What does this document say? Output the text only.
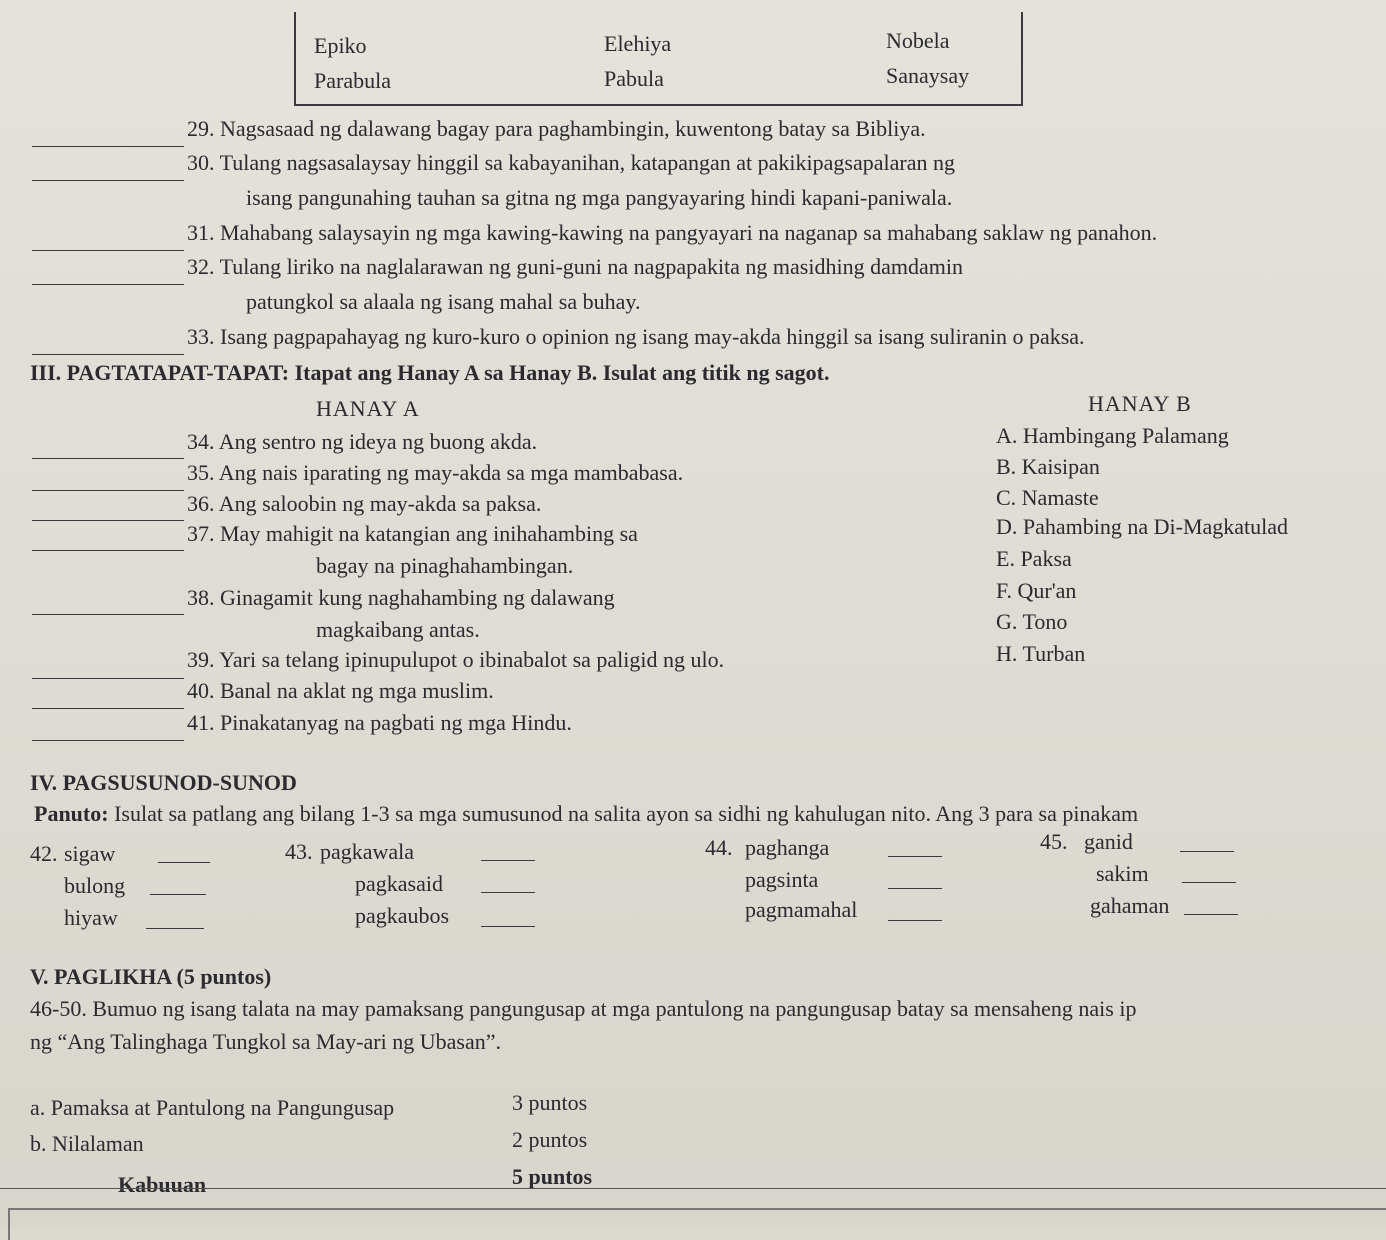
Epiko	Elehiya	Nobela
Parabula	Pabula	Sanaysay
29. Nagsasaad ng dalawang bagay para paghambingin, kuwentong batay sa Bibliya.
30. Tulang nagsasalaysay hinggil sa kabayanihan, katapangan at pakikipagsapalaran ng
isang pangunahing tauhan sa gitna ng mga pangyayaring hindi kapani-paniwala.
31. Mahabang salaysayin ng mga kawing-kawing na pangyayari na naganap sa mahabang saklaw ng panahon.
32. Tulang liriko na naglalarawan ng guni-guni na nagpapakita ng masidhing damdamin
patungkol sa alaala ng isang mahal sa buhay.
33. Isang pagpapahayag ng kuro-kuro o opinion ng isang may-akda hinggil sa isang suliranin o paksa.
III. PAGTATAPAT-TAPAT: Itapat ang Hanay A sa Hanay B. Isulat ang titik ng sagot.
HANAY A	HANAY B
34. Ang sentro ng ideya ng buong akda.
35. Ang nais iparating ng may-akda sa mga mambabasa.
36. Ang saloobin ng may-akda sa paksa.
37. May mahigit na katangian ang inihahambing sa
bagay na pinaghahambingan.
38. Ginagamit kung naghahambing ng dalawang
magkaibang antas.
39. Yari sa telang ipinupulupot o ibinabalot sa paligid ng ulo.
40. Banal na aklat ng mga muslim.
41. Pinakatanyag na pagbati ng mga Hindu.
A. Hambingang Palamang
B. Kaisipan
C. Namaste
D. Pahambing na Di-Magkatulad
E. Paksa
F. Qur'an
G. Tono
H. Turban
IV. PAGSUSUNOD-SUNOD
Panuto: Isulat sa patlang ang bilang 1-3 sa mga sumusunod na salita ayon sa sidhi ng kahulugan nito. Ang 3 para sa pinakam
42. sigaw
bulong
hiyaw
43. pagkawala
pagkasaid
pagkaubos
44. paghanga
pagsinta
pagmamahal
45. ganid
sakim
gahaman
V. PAGLIKHA (5 puntos)
46-50. Bumuo ng isang talata na may pamaksang pangungusap at mga pantulong na pangungusap batay sa mensaheng nais ip
ng “Ang Talinghaga Tungkol sa May-ari ng Ubasan”.
a. Pamaksa at Pantulong na Pangungusap	3 puntos
b. Nilalaman	2 puntos
Kabuuan	5 puntos
